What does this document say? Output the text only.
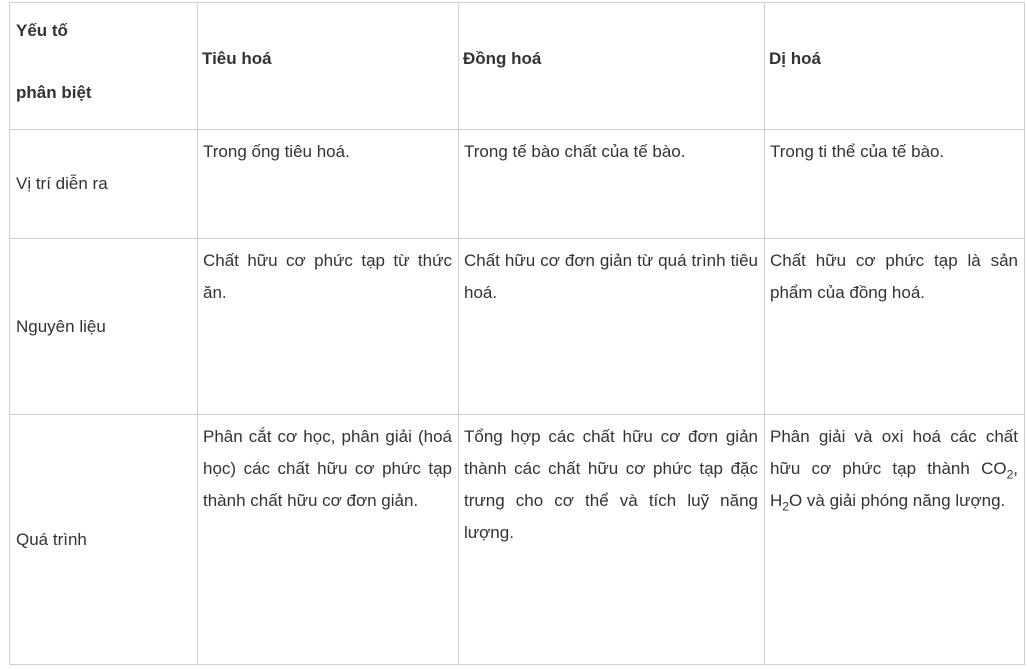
Yếu tố
phân biệt	Tiêu hoá	Đồng hoá	Dị hoá
Vị trí diễn ra	Trong ống tiêu hoá.	Trong tế bào chất của tế bào.	Trong ti thể của tế bào.
Nguyên liệu	Chất hữu cơ phức tạp từ thức ăn.	Chất hữu cơ đơn giản từ quá trình tiêu hoá.	Chất hữu cơ phức tạp là sản phẩm của đồng hoá.
Quá trình	Phân cắt cơ học, phân giải (hoá học) các chất hữu cơ phức tạp thành chất hữu cơ đơn giản.	Tổng hợp các chất hữu cơ đơn giản thành các chất hữu cơ phức tạp đặc trưng cho cơ thể và tích luỹ năng lượng.	Phân giải và oxi hoá các chất hữu cơ phức tạp thành $CO_2$, $H_2O$ và giải phóng năng lượng.
